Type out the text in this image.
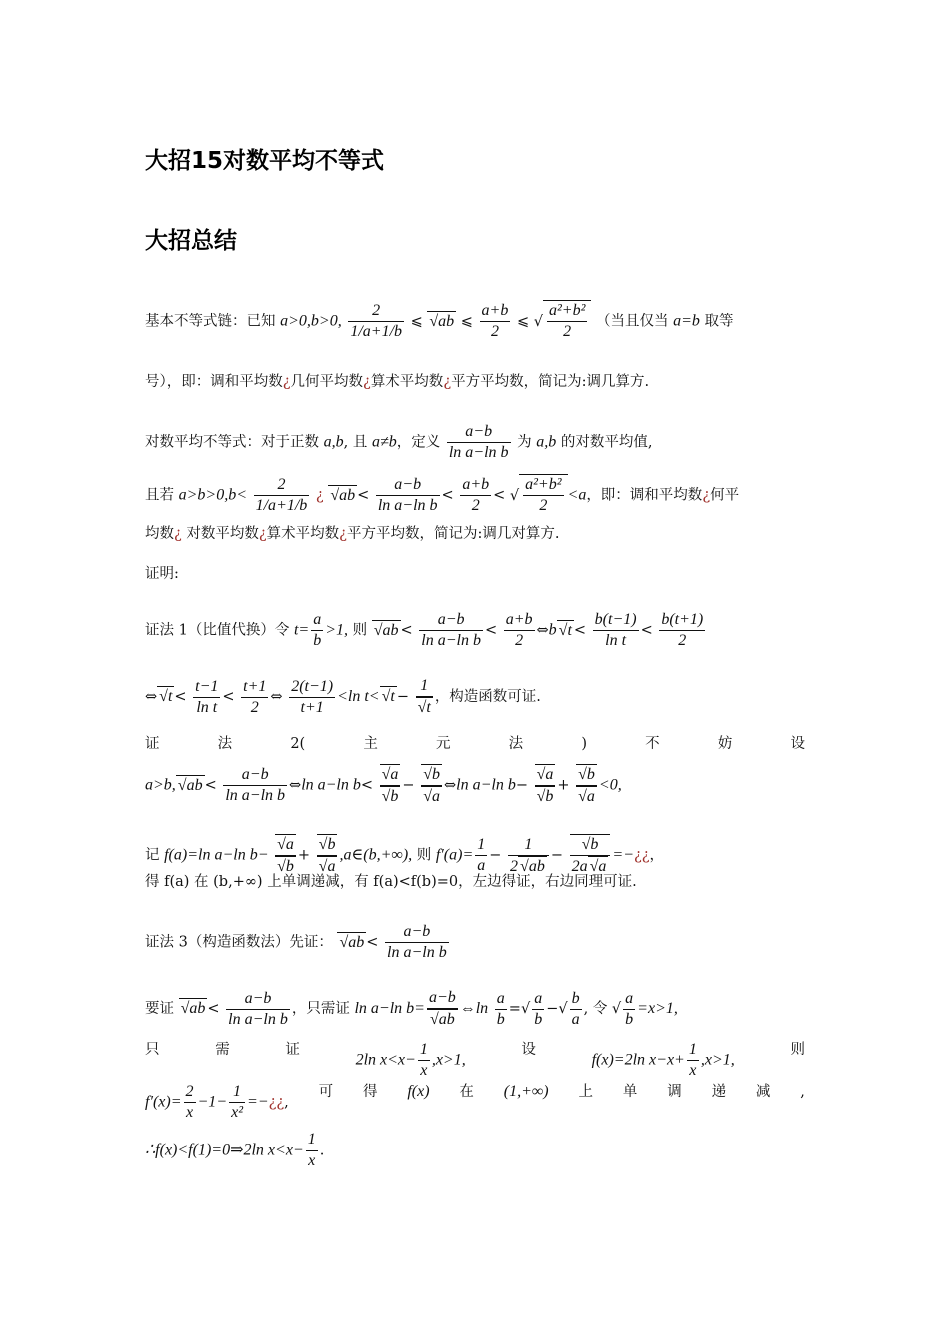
大招15对数平均不等式
大招总结
基本不等式链：已知 a>0,b>0, $\frac{2}{1/a+1/b}$ ⩽ √ ab ⩽ $\frac{a+b}{2}$ ⩽ √ $\frac{\text{a²+b²}}{2}$ （当且仅当 a=b 取等
号），即：调和平均数¿几何平均数¿算术平均数¿平方平均数，简记为:调几算方.
对数平均不等式：对于正数 a,b, 且 a≠b，定义 $\frac{a-b}{\text{ln a−ln b}}$ 为 a,b 的对数平均值,
且若 $a>b>0,b< \frac{2}{1/a+1/b}$ ¿ √ ab < $\frac{a-b}{\text{ln a−ln b}} < \frac{a+b}{2}$ < √ $\frac{\text{a²+b²}}{2} <a$，即：调和平均数¿何平
均数¿ 对数平均数¿算术平均数¿平方平均数，简记为:调几对算方.
证明:
证法 1（比值代换）令 $t= \frac{a}{b} >1$, 则 √ ab < $\frac{a-b}{\text{ln a−ln b}} < \frac{a+b}{2}$ ⇔b √ $t < \frac{b(t-1)}{\text{ln t}} < \frac{b(t+1)}{2}$
⇔ √ $t < \frac{t-1}{\text{ln t}} < \frac{t+1}{2}$ ⇔ $\frac{2(t-1)}{t+1} <\ln$ t< √ t − 1
√ t ，构造函数可证.
证	法	2(	主	元	法	)	不	妨	设
a>b, √ ab < $\frac{a-b}{\text{ln a−ln b}}$ ⇔ln a−ln b< √ a
√ b − √ b
√ a ⇔ln a−ln b− √ a
√ b + √ b
√ a <0,
记 f(a)=ln a−ln b− √ a
√ b + √ b
√ a ,a∈(b,+∞), 则 $f'(a)= \frac{1}{a} - \frac{1}{2 √ ab}$ − √ $\frac{b}{2a √ a}$ =−¿¿，
得 f(a) 在 (b,+∞) 上单调递减，有 f(a)<f(b)=0，左边得证，右边同理可证.
证法 3（构造函数法）先证： √ ab < $\frac{a-b}{\text{ln a−ln b}}$
要证 √ ab < $\frac{a-b}{\text{ln a−ln b}}$ ，只需证 ln a−ln b= a−b
√ ab ⇔ln $\frac{a}{b}$ =√ $\frac{a}{b}$ −√ $\frac{b}{a}$ , 令 √ $\frac{a}{b} =x>1$,
只	需	证
2ln $x<x- \frac{1}{x} ,x>1$,
设
f(x)=2ln $x-x+ \frac{1}{x} ,x>1$,
则
$f'(x)= \frac{2}{x} -1- \frac{1}{\text{x²}}$ =−¿¿,
可 得 f(x) 在 (1,+∞) 上 单 调 递 减 ,
∴f(x)<f(1)=0⇒2ln $x<x- \frac{1}{x}$ .
